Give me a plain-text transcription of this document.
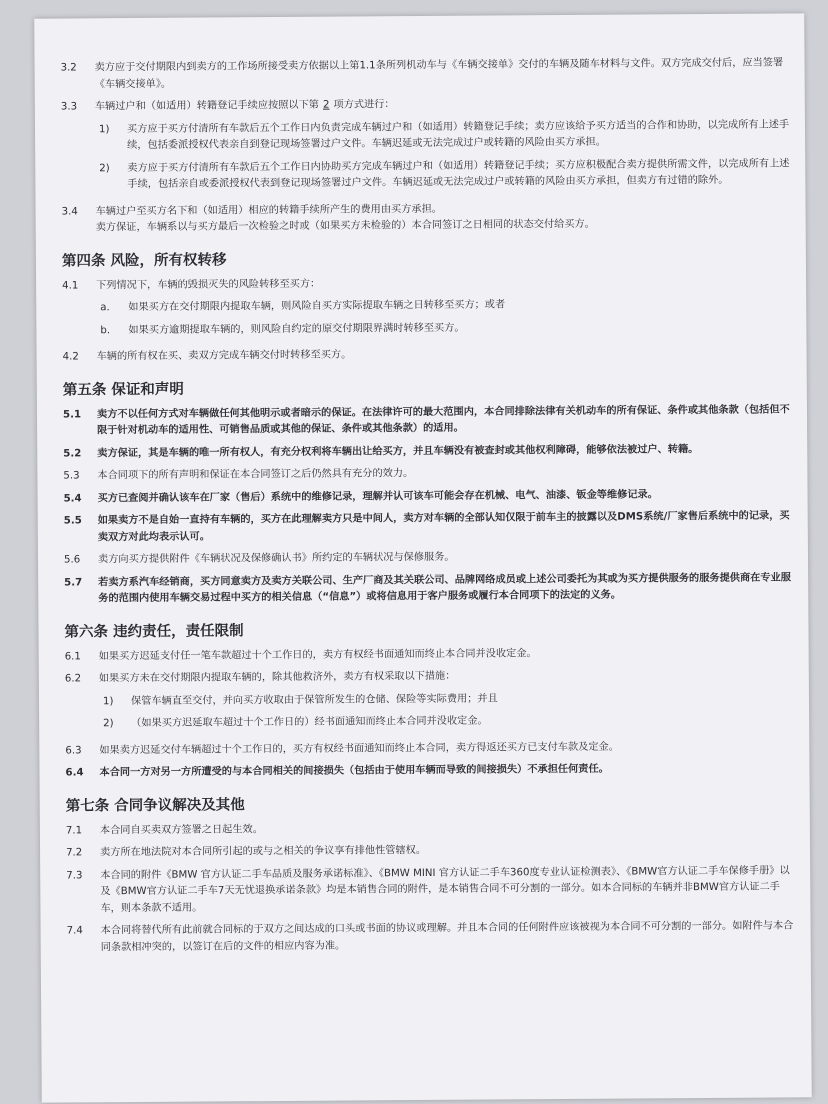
3.2	卖方应于交付期限内到卖方的工作场所接受卖方依据以上第1.1条所列机动车与《车辆交接单》交付的车辆及随车材料与文件。双方完成交付后，应当签署《车辆交接单》。
3.3	车辆过户和（如适用）转籍登记手续应按照以下第 2 项方式进行：
1)	买方应于买方付清所有车款后五个工作日内负责完成车辆过户和（如适用）转籍登记手续；卖方应该给予买方适当的合作和协助，以完成所有上述手续，包括委派授权代表亲自到登记现场签署过户文件。车辆迟延或无法完成过户或转籍的风险由买方承担。
2)	卖方应于买方付清所有车款后五个工作日内协助买方完成车辆过户和（如适用）转籍登记手续；买方应积极配合卖方提供所需文件，以完成所有上述手续，包括亲自或委派授权代表到登记现场签署过户文件。车辆迟延或无法完成过户或转籍的风险由买方承担，但卖方有过错的除外。
3.4	车辆过户至买方名下和（如适用）相应的转籍手续所产生的费用由买方承担。
卖方保证，车辆系以与买方最后一次检验之时或（如果买方未检验的）本合同签订之日相同的状态交付给买方。
第四条 风险，所有权转移
4.1	下列情况下，车辆的毁损灭失的风险转移至买方：
a.	如果买方在交付期限内提取车辆，则风险自买方实际提取车辆之日转移至买方；或者
b.	如果买方逾期提取车辆的，则风险自约定的原交付期限界满时转移至买方。
4.2	车辆的所有权在买、卖双方完成车辆交付时转移至买方。
第五条 保证和声明
5.1	卖方不以任何方式对车辆做任何其他明示或者暗示的保证。在法律许可的最大范围内，本合同排除法律有关机动车的所有保证、条件或其他条款（包括但不限于针对机动车的适用性、可销售品质或其他的保证、条件或其他条款）的适用。
5.2	卖方保证，其是车辆的唯一所有权人，有充分权利将车辆出让给买方，并且车辆没有被查封或其他权利障碍，能够依法被过户、转籍。
5.3	本合同项下的所有声明和保证在本合同签订之后仍然具有充分的效力。
5.4	买方已查阅并确认该车在厂家（售后）系统中的维修记录，理解并认可该车可能会存在机械、电气、油漆、钣金等维修记录。
5.5	如果卖方不是自始一直持有车辆的，买方在此理解卖方只是中间人，卖方对车辆的全部认知仅限于前车主的披露以及DMS系统/厂家售后系统中的记录，买卖双方对此均表示认可。
5.6	卖方向买方提供附件《车辆状况及保修确认书》所约定的车辆状况与保修服务。
5.7	若卖方系汽车经销商，买方同意卖方及卖方关联公司、生产厂商及其关联公司、品牌网络成员或上述公司委托为其或为买方提供服务的服务提供商在专业服务的范围内使用车辆交易过程中买方的相关信息（“信息”）或将信息用于客户服务或履行本合同项下的法定的义务。
第六条 违约责任，责任限制
6.1	如果买方迟延支付任一笔车款超过十个工作日的，卖方有权经书面通知而终止本合同并没收定金。
6.2	如果买方未在交付期限内提取车辆的，除其他救济外，卖方有权采取以下措施：
1)	保管车辆直至交付，并向买方收取由于保管所发生的仓储、保险等实际费用；并且
2)	（如果买方迟延取车超过十个工作日的）经书面通知而终止本合同并没收定金。
6.3	如果卖方迟延交付车辆超过十个工作日的，买方有权经书面通知而终止本合同，卖方得返还买方已支付车款及定金。
6.4	本合同一方对另一方所遭受的与本合同相关的间接损失（包括由于使用车辆而导致的间接损失）不承担任何责任。
第七条 合同争议解决及其他
7.1	本合同自买卖双方签署之日起生效。
7.2	卖方所在地法院对本合同所引起的或与之相关的争议享有排他性管辖权。
7.3	本合同的附件《BMW 官方认证二手车品质及服务承诺标准》、《BMW MINI 官方认证二手车360度专业认证检测表》、《BMW官方认证二手车保修手册》以及《BMW官方认证二手车7天无忧退换承诺条款》均是本销售合同的附件，是本销售合同不可分割的一部分。如本合同标的车辆并非BMW官方认证二手车，则本条款不适用。
7.4	本合同将替代所有此前就合同标的于双方之间达成的口头或书面的协议或理解。并且本合同的任何附件应该被视为本合同不可分割的一部分。如附件与本合同条款相冲突的，以签订在后的文件的相应内容为准。
